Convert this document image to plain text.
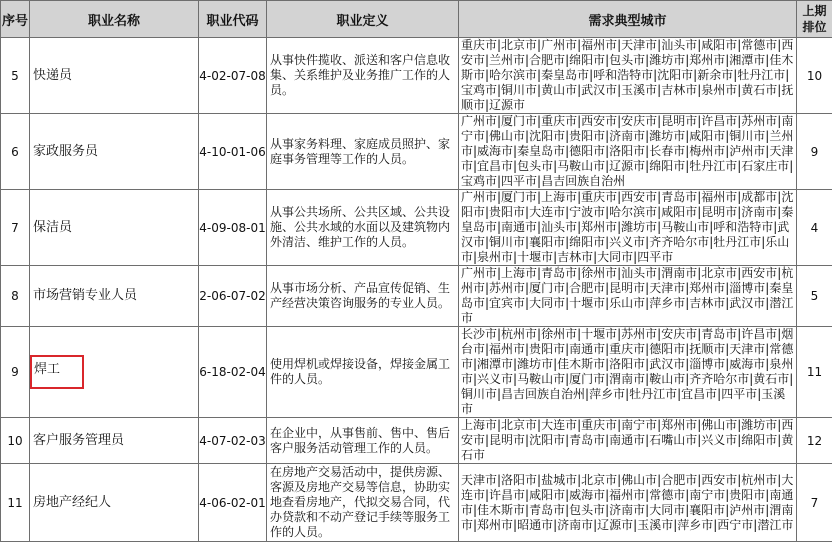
序号	职业名称	职业代码	职业定义	需求典型城市	上期排位
5	快递员	4-02-07-08	从事快件揽收、派送和客户信息收集、关系维护及业务推广工作的人员。	重庆市|北京市|广州市|福州市|天津市|汕头市|咸阳市|常德市|西安市|兰州市|合肥市|绵阳市|包头市|潍坊市|郑州市|湘潭市|佳木斯市|哈尔滨市|秦皇岛市|呼和浩特市|沈阳市|新余市|牡丹江市|宝鸡市|铜川市|黄山市|武汉市|玉溪市|吉林市|泉州市|黄石市|抚顺市|辽源市	10
6	家政服务员	4-10-01-06	从事家务料理、家庭成员照护、家庭事务管理等工作的人员。	广州市|厦门市|重庆市|西安市|安庆市|昆明市|许昌市|苏州市|南宁市|佛山市|沈阳市|贵阳市|济南市|潍坊市|咸阳市|铜川市|兰州市|威海市|秦皇岛市|德阳市|洛阳市|长春市|梅州市|泸州市|天津市|宜昌市|包头市|马鞍山市|辽源市|绵阳市|牡丹江市|石家庄市|宝鸡市|四平市|昌吉回族自治州	9
7	保洁员	4-09-08-01	从事公共场所、公共区域、公共设施、公共水域的水面以及建筑物内外清洁、维护工作的人员。	广州市|厦门市|上海市|重庆市|西安市|青岛市|福州市|成都市|沈阳市|贵阳市|大连市|宁波市|哈尔滨市|咸阳市|昆明市|济南市|秦皇岛市|南通市|汕头市|郑州市|潍坊市|马鞍山市|呼和浩特市|武汉市|铜川市|襄阳市|绵阳市|兴义市|齐齐哈尔市|牡丹江市|乐山市|泉州市|十堰市|吉林市|大同市|四平市	4
8	市场营销专业人员	2-06-07-02	从事市场分析、产品宣传促销、生产经营决策咨询服务的专业人员。	广州市|上海市|青岛市|徐州市|汕头市|渭南市|北京市|西安市|杭州市|苏州市|厦门市|合肥市|昆明市|天津市|郑州市|淄博市|秦皇岛市|宜宾市|大同市|十堰市|乐山市|萍乡市|吉林市|武汉市|潜江市	5
9	焊工	6-18-02-04	使用焊机或焊接设备，焊接金属工件的人员。	长沙市|杭州市|徐州市|十堰市|苏州市|安庆市|青岛市|许昌市|烟台市|福州市|贵阳市|南通市|重庆市|德阳市|抚顺市|天津市|常德市|湘潭市|潍坊市|佳木斯市|洛阳市|武汉市|淄博市|威海市|泉州市|兴义市|马鞍山市|厦门市|渭南市|鞍山市|齐齐哈尔市|黄石市|铜川市|昌吉回族自治州|萍乡市|牡丹江市|宜昌市|四平市|玉溪市	11
10	客户服务管理员	4-07-02-03	在企业中，从事售前、售中、售后客户服务活动管理工作的人员。	上海市|北京市|大连市|重庆市|南宁市|郑州市|佛山市|潍坊市|西安市|昆明市|沈阳市|青岛市|南通市|石嘴山市|兴义市|绵阳市|黄石市	12
11	房地产经纪人	4-06-02-01	在房地产交易活动中，提供房源、客源及房地产交易等信息，协助实地查看房地产，代拟交易合同，代办贷款和不动产登记手续等服务工作的人员。	天津市|洛阳市|盐城市|北京市|佛山市|合肥市|西安市|杭州市|大连市|许昌市|咸阳市|威海市|福州市|常德市|南宁市|贵阳市|南通市|佳木斯市|青岛市|包头市|济南市|大同市|襄阳市|泸州市|渭南市|郑州市|昭通市|济南市|辽源市|玉溪市|萍乡市|西宁市|潜江市	7
